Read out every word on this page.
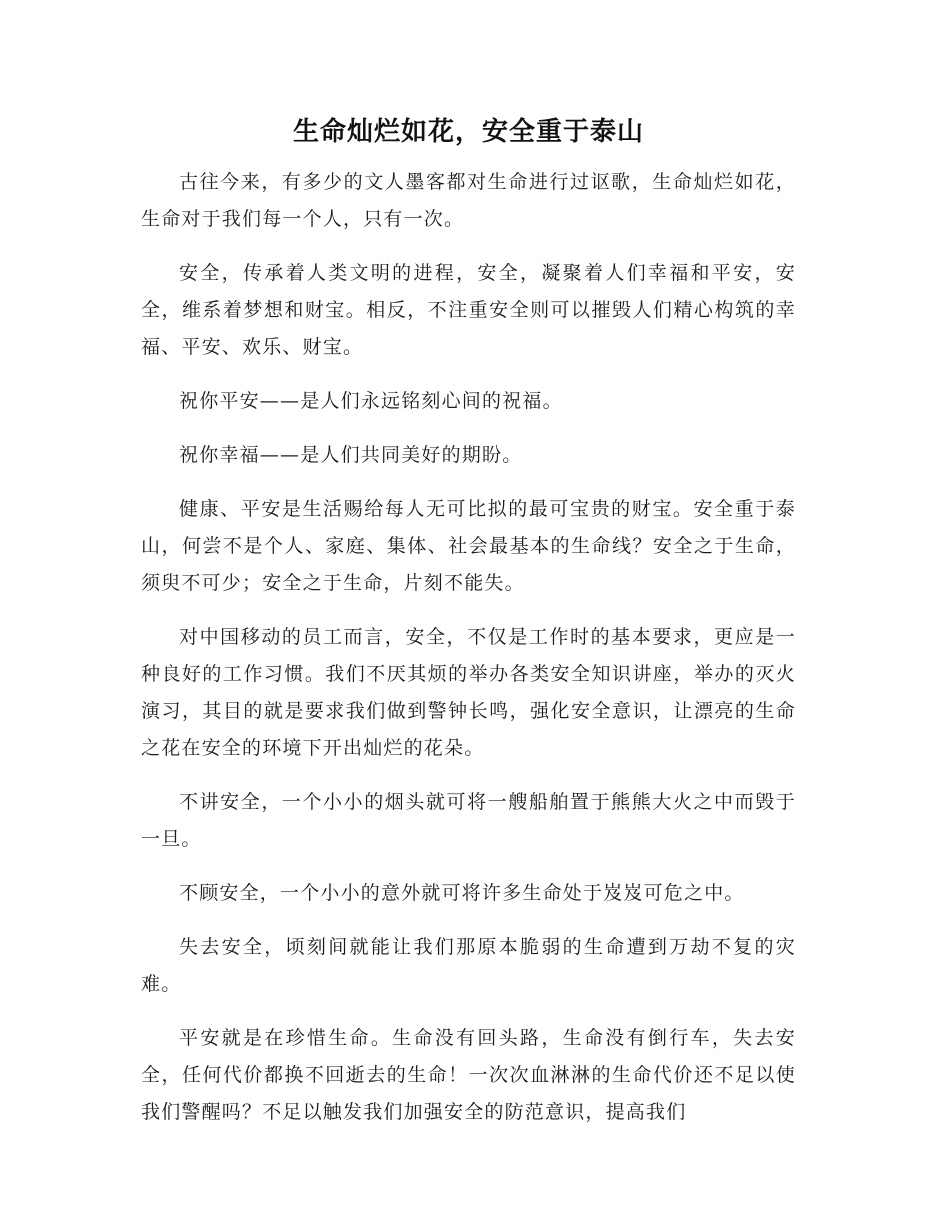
生命灿烂如花，安全重于泰山

古往今来，有多少的文人墨客都对生命进行过讴歌，生命灿烂如花，生命对于我们每一个人，只有一次。

安全，传承着人类文明的进程，安全，凝聚着人们幸福和平安，安全，维系着梦想和财宝。相反，不注重安全则可以摧毁人们精心构筑的幸福、平安、欢乐、财宝。

祝你平安——是人们永远铭刻心间的祝福。

祝你幸福——是人们共同美好的期盼。

健康、平安是生活赐给每人无可比拟的最可宝贵的财宝。安全重于泰山，何尝不是个人、家庭、集体、社会最基本的生命线？安全之于生命，须臾不可少；安全之于生命，片刻不能失。

对中国移动的员工而言，安全，不仅是工作时的基本要求，更应是一种良好的工作习惯。我们不厌其烦的举办各类安全知识讲座，举办的灭火演习，其目的就是要求我们做到警钟长鸣，强化安全意识，让漂亮的生命之花在安全的环境下开出灿烂的花朵。

不讲安全，一个小小的烟头就可将一艘船舶置于熊熊大火之中而毁于一旦。

不顾安全，一个小小的意外就可将许多生命处于岌岌可危之中。

失去安全，顷刻间就能让我们那原本脆弱的生命遭到万劫不复的灾难。

平安就是在珍惜生命。生命没有回头路，生命没有倒行车，失去安全，任何代价都换不回逝去的生命！一次次血淋淋的生命代价还不足以使我们警醒吗？不足以触发我们加强安全的防范意识，提高我们
